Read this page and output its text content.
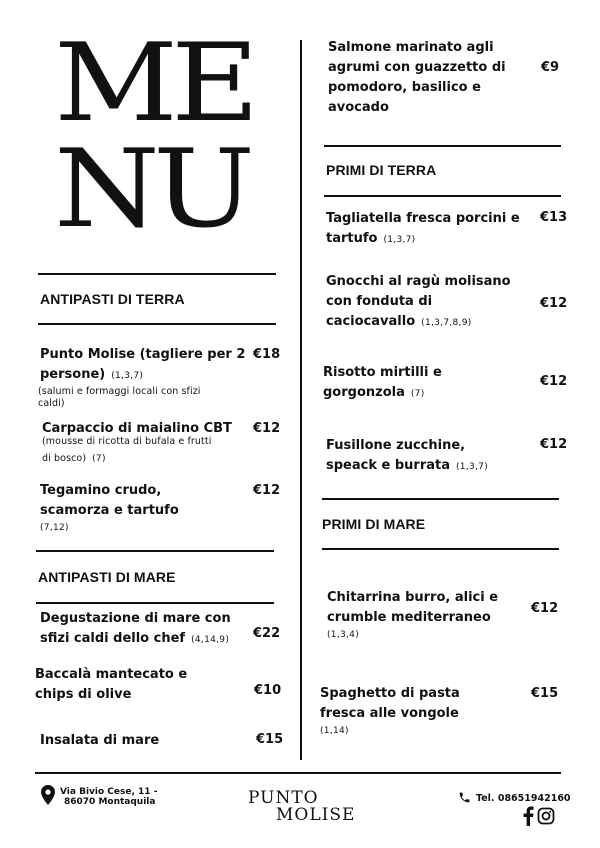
ME
NU
ANTIPASTI DI TERRA
Punto Molise (tagliere per 2
persone) (1,3,7)
(salumi e formaggi locali con sfizi
caldi)
€18
Carpaccio di maialino CBT
(mousse di ricotta di bufala e frutti
di bosco) (7)
€12
Tegamino crudo,
scamorza e tartufo
(7,12)
€12
ANTIPASTI DI MARE
Degustazione di mare con
sfizi caldi dello chef (4,14,9)	€22
Baccalà mantecato e
chips di olive	€10
Insalata di mare	€15
Salmone marinato agli
agrumi con guazzetto di
pomodoro, basilico e
avocado
€9
PRIMI DI TERRA
Tagliatella fresca porcini e
tartufo (1,3,7)
€13
Gnocchi al ragù molisano
con fonduta di
caciocavallo (1,3,7,8,9)
€12
Risotto mirtilli e
gorgonzola (7)
€12
Fusillone zucchine,
speack e burrata (1,3,7)
€12
PRIMI DI MARE
Chitarrina burro, alici e
crumble mediterraneo
(1,3,4)
€12
Spaghetto di pasta
fresca alle vongole
(1,14)
€15
Via Bivio Cese, 11 -
86070 Montaquila	PUNTO
MOLISE
Tel. 08651942160
